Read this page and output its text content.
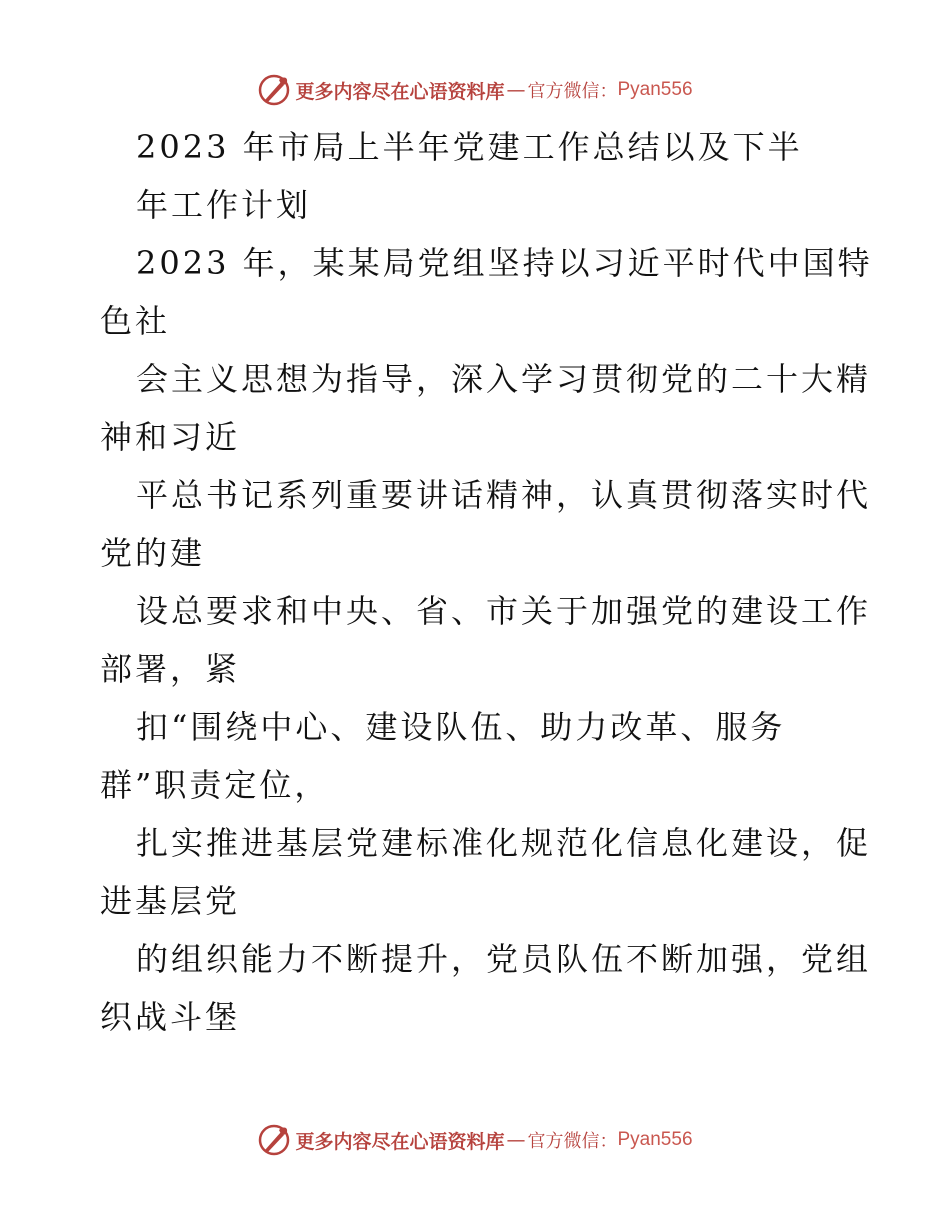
更多内容尽在心语资料库 — 官方微信： Pyan556
2023 年市局上半年党建工作总结以及下半
年工作计划
2023 年，某某局党组坚持以习近平时代中国特
色社
会主义思想为指导，深入学习贯彻党的二十大精
神和习近
平总书记系列重要讲话精神，认真贯彻落实时代
党的建
设总要求和中央、省、市关于加强党的建设工作
部署，紧
扣“围绕中心、建设队伍、助力改革、服务
群”职责定位，
扎实推进基层党建标准化规范化信息化建设，促
进基层党
的组织能力不断提升，党员队伍不断加强，党组
织战斗堡
更多内容尽在心语资料库 — 官方微信： Pyan556
